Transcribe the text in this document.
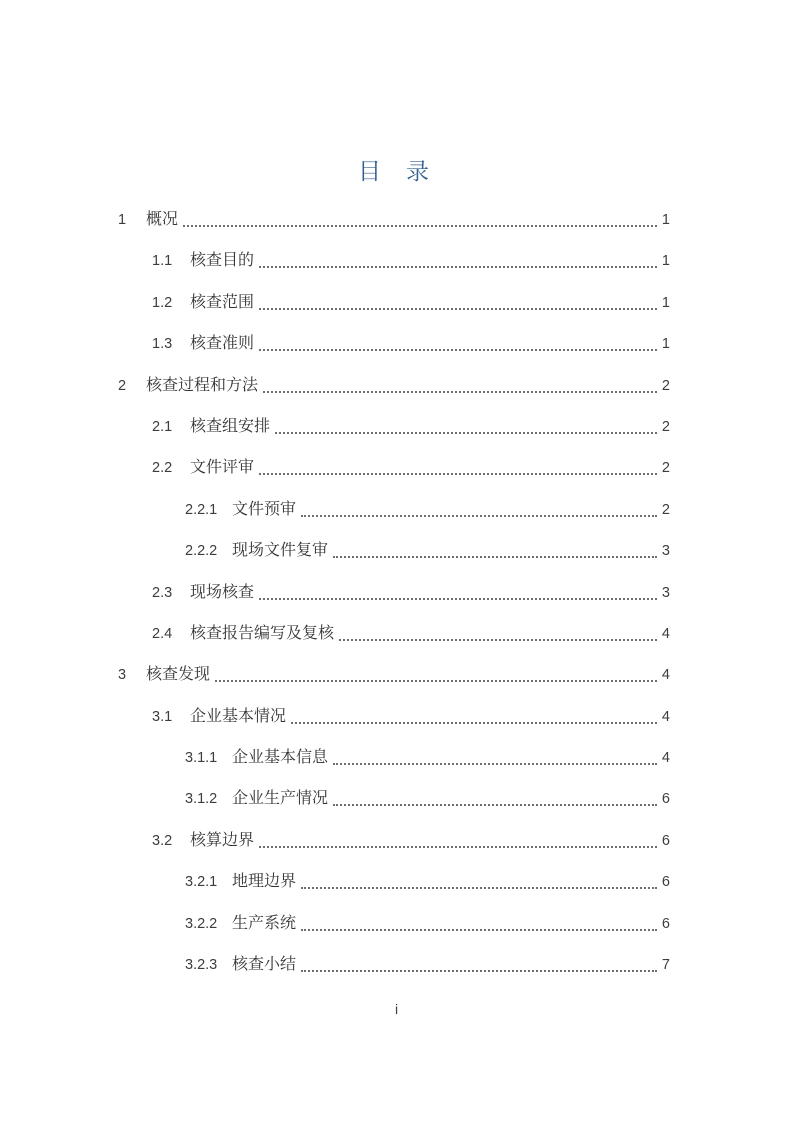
目　录
1	概况	1
1.1	核查目的	1
1.2	核查范围	1
1.3	核查准则	1
2	核查过程和方法	2
2.1	核查组安排	2
2.2	文件评审	2
2.2.1 文件预审	2
2.2.2 现场文件复审	3
2.3	现场核查	3
2.4	核查报告编写及复核	4
3	核查发现	4
3.1	企业基本情况	4
3.1.1 企业基本信息	4
3.1.2 企业生产情况	6
3.2	核算边界	6
3.2.1 地理边界	6
3.2.2 生产系统	6
3.2.3 核查小结	7
i
